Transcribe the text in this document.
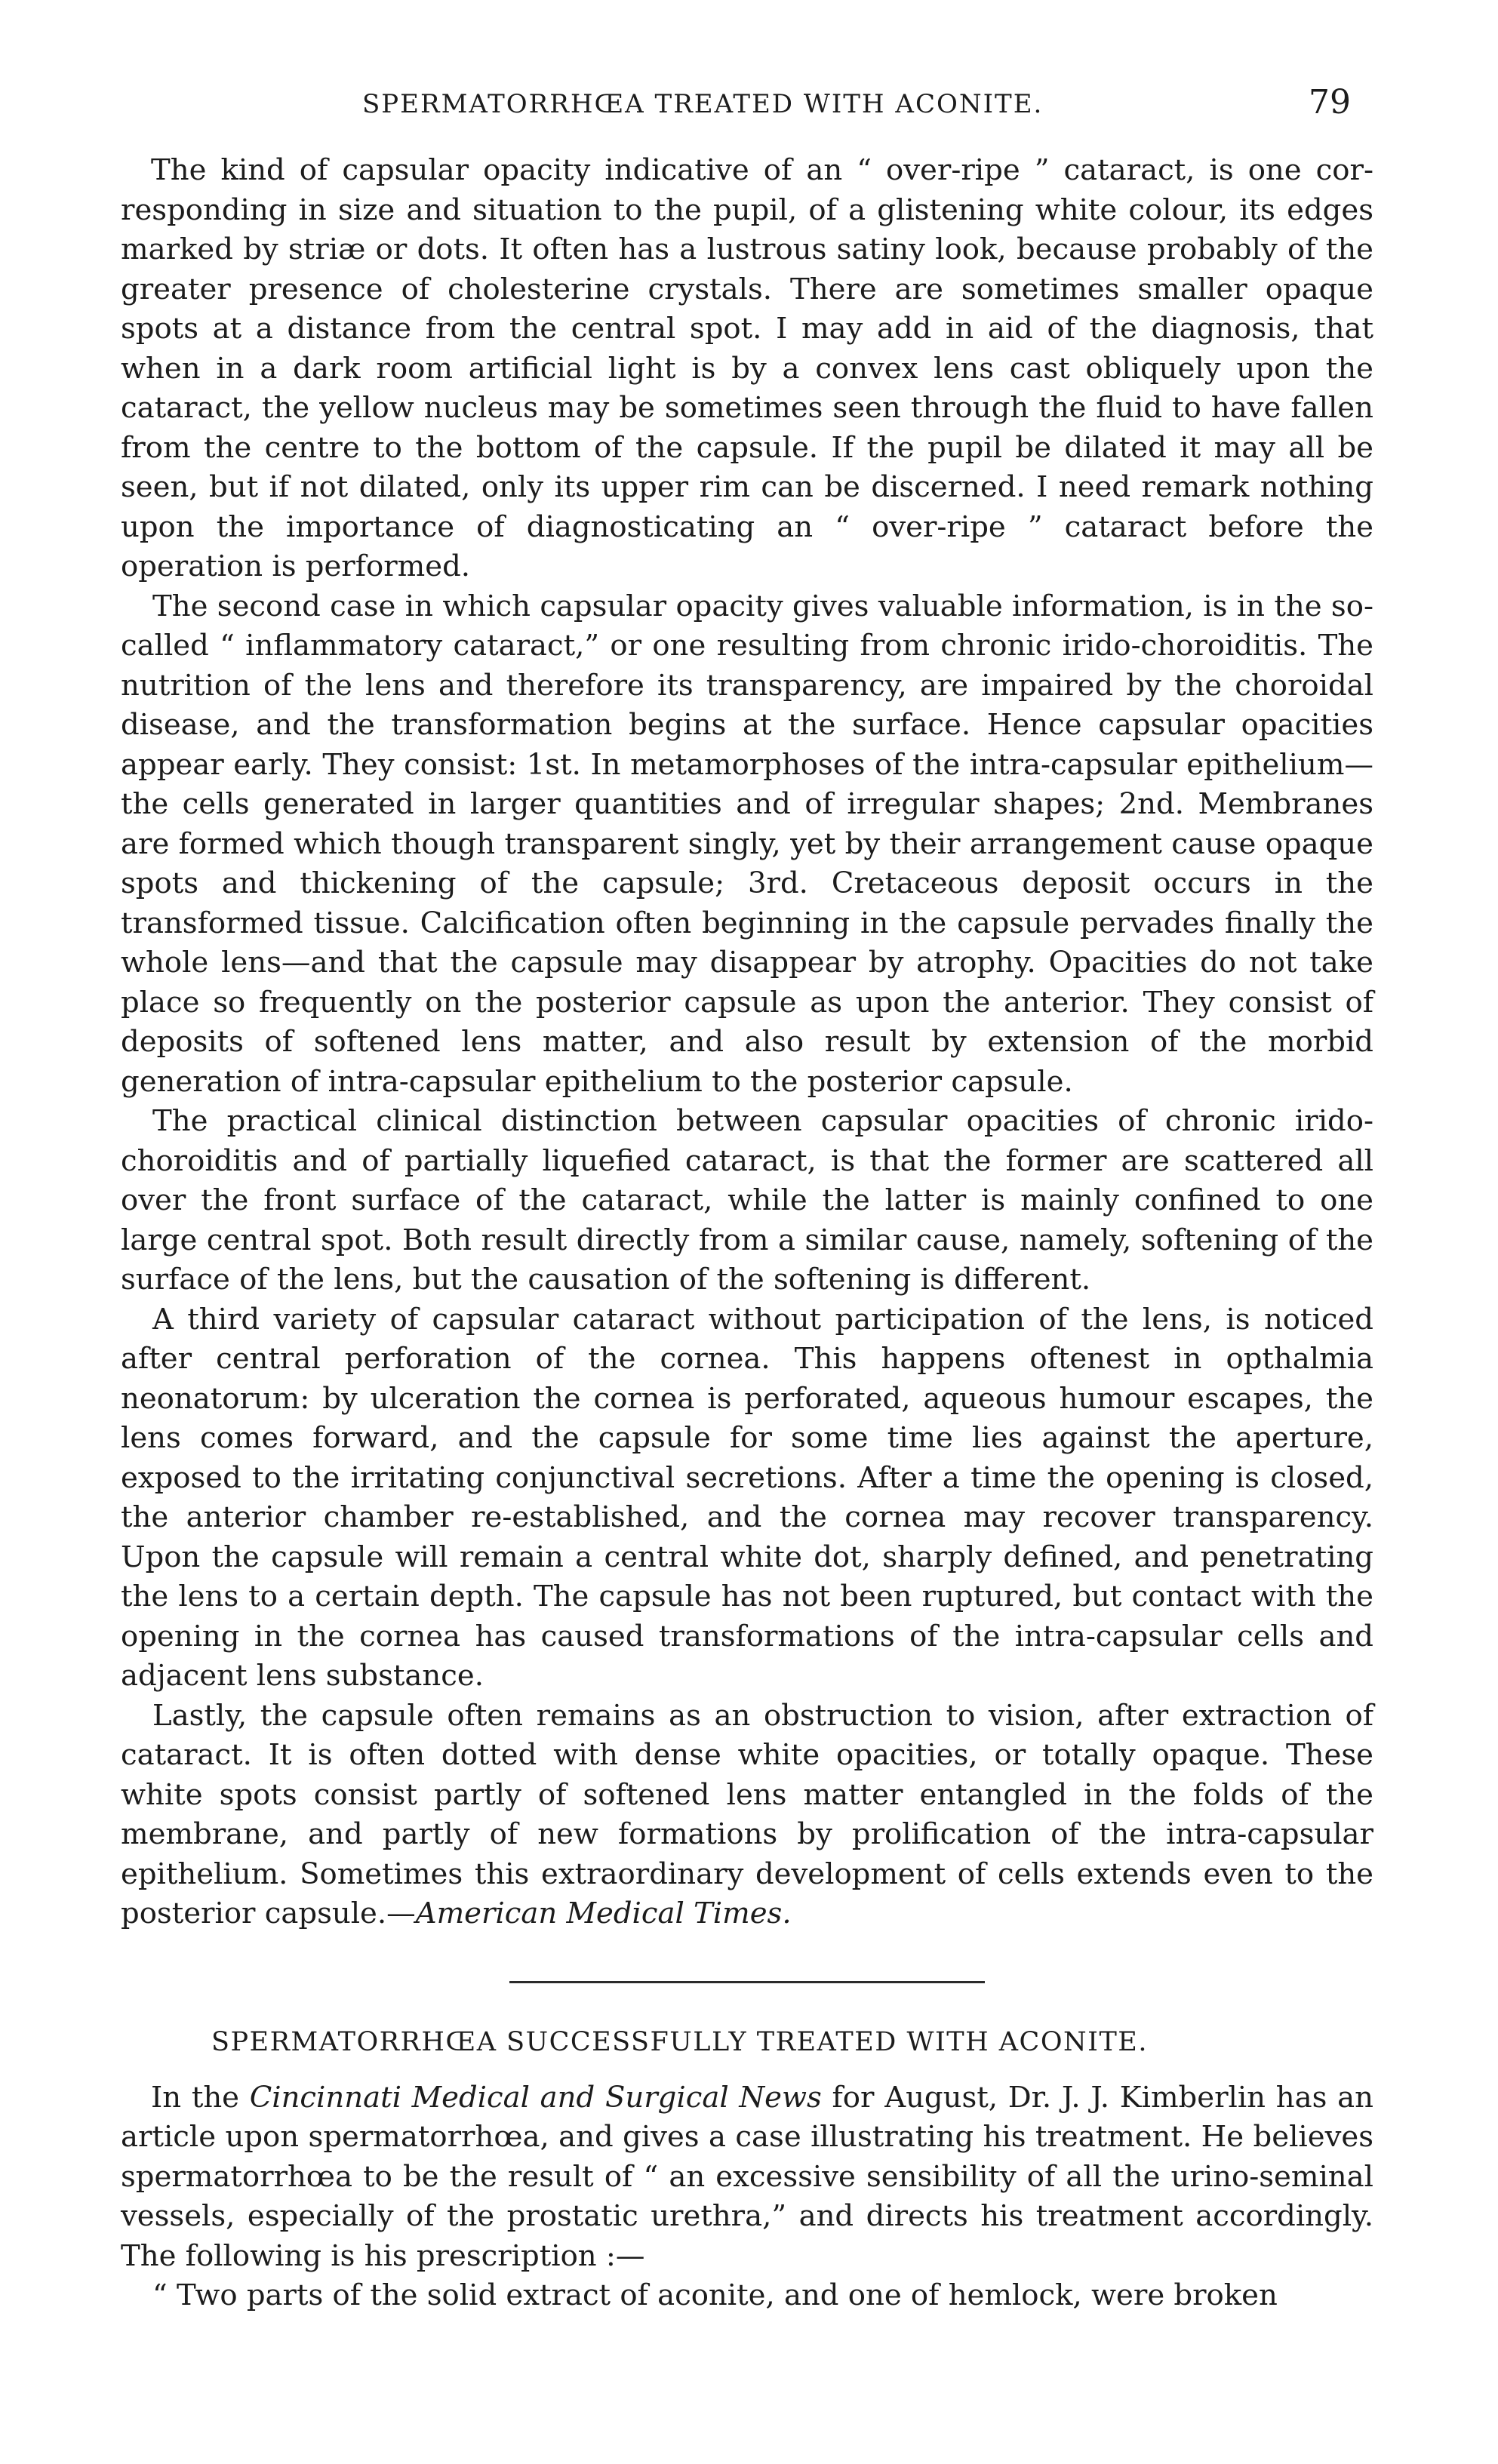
SPERMATORRHŒA TREATED WITH ACONITE.	79

The kind of capsular opacity indicative of an “ over-ripe ” cataract, is one corresponding in size and situation to the pupil, of a glistening white colour, its edges marked by striæ or dots. It often has a lustrous satiny look, because probably of the greater presence of cholesterine crystals. There are sometimes smaller opaque spots at a distance from the central spot. I may add in aid of the diagnosis, that when in a dark room artificial light is by a convex lens cast obliquely upon the cataract, the yellow nucleus may be sometimes seen through the fluid to have fallen from the centre to the bottom of the capsule. If the pupil be dilated it may all be seen, but if not dilated, only its upper rim can be discerned. I need remark nothing upon the importance of diagnosticating an “ over-ripe ” cataract before the operation is performed.

The second case in which capsular opacity gives valuable information, is in the so-called “ inflammatory cataract,” or one resulting from chronic irido-choroiditis. The nutrition of the lens and therefore its transparency, are impaired by the choroidal disease, and the transformation begins at the surface. Hence capsular opacities appear early. They consist: 1st. In metamorphoses of the intra-capsular epithelium—the cells generated in larger quantities and of irregular shapes; 2nd. Membranes are formed which though transparent singly, yet by their arrangement cause opaque spots and thickening of the capsule; 3rd. Cretaceous deposit occurs in the transformed tissue. Calcification often beginning in the capsule pervades finally the whole lens—and that the capsule may disappear by atrophy. Opacities do not take place so frequently on the posterior capsule as upon the anterior. They consist of deposits of softened lens matter, and also result by extension of the morbid generation of intra-capsular epithelium to the posterior capsule.

The practical clinical distinction between capsular opacities of chronic irido-choroiditis and of partially liquefied cataract, is that the former are scattered all over the front surface of the cataract, while the latter is mainly confined to one large central spot. Both result directly from a similar cause, namely, softening of the surface of the lens, but the causation of the softening is different.

A third variety of capsular cataract without participation of the lens, is noticed after central perforation of the cornea. This happens oftenest in opthalmia neonatorum: by ulceration the cornea is perforated, aqueous humour escapes, the lens comes forward, and the capsule for some time lies against the aperture, exposed to the irritating conjunctival secretions. After a time the opening is closed, the anterior chamber re-established, and the cornea may recover transparency. Upon the capsule will remain a central white dot, sharply defined, and penetrating the lens to a certain depth. The capsule has not been ruptured, but contact with the opening in the cornea has caused transformations of the intra-capsular cells and adjacent lens substance.

Lastly, the capsule often remains as an obstruction to vision, after extraction of cataract. It is often dotted with dense white opacities, or totally opaque. These white spots consist partly of softened lens matter entangled in the folds of the membrane, and partly of new formations by prolification of the intra-capsular epithelium. Sometimes this extraordinary development of cells extends even to the posterior capsule.—American Medical Times.

SPERMATORRHŒA SUCCESSFULLY TREATED WITH ACONITE.

In the Cincinnati Medical and Surgical News for August, Dr. J. J. Kimberlin has an article upon spermatorrhœa, and gives a case illustrating his treatment. He believes spermatorrhœa to be the result of “ an excessive sensibility of all the urino-seminal vessels, especially of the prostatic urethra,” and directs his treatment accordingly. The following is his prescription :—

“ Two parts of the solid extract of aconite, and one of hemlock, were broken
